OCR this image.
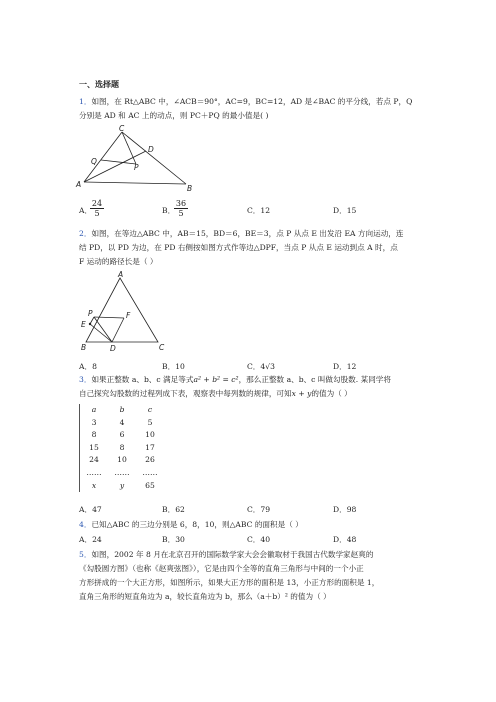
一、选择题
1．如图，在 Rt△ABC 中，∠ACB＝90°，AC=9，BC=12，AD 是∠BAC 的平分线，若点 P，Q
分别是 AD 和 AC 上的动点，则 PC＋PQ 的最小值是( )
C
D
Q
P
A	B
A．
$\frac{24}{5}$	B．
$\frac{36}{5}$	C．12	D．15
2．如图，在等边△ABC 中，AB＝15，BD＝6，BE＝3，点 P 从点 E 出发沿 EA 方向运动，连
结 PD，以 PD 为边，在 PD 右侧按如图方式作等边△DPF，当点 P 从点 E 运动到点 A 时，点
F 运动的路径长是（ ）
A
E
P	F
B	D	C
A．8	B．10	C．4√3	D．12
3．如果正整数 a、b、c 满足等式a² + b² = c²，那么正整数 a、b、c 叫做勾股数. 某同学将
自己探究勾股数的过程列成下表，观察表中每列数的规律，可知x + y的值为（ ）
a	b	c
3	4	5
8	6	10
15	8	17
24	10	26
……	……	……
x	y	65
A．47	B．62	C．79	D．98
4．已知△ABC 的三边分别是 6，8，10，则△ABC 的面积是（ ）
A．24	B．30	C．40	D．48
5．如图，2002 年 8 月在北京召开的国际数学家大会会徽取材于我国古代数学家赵爽的
《勾股圆方图》（也称《赵爽弦图》），它是由四个全等的直角三角形与中间的一个小正
方形拼成的一个大正方形，如图所示，如果大正方形的面积是 13，小正方形的面积是 1，
直角三角形的短直角边为 a，较长直角边为 b，那么（a＋b）² 的值为（ ）
